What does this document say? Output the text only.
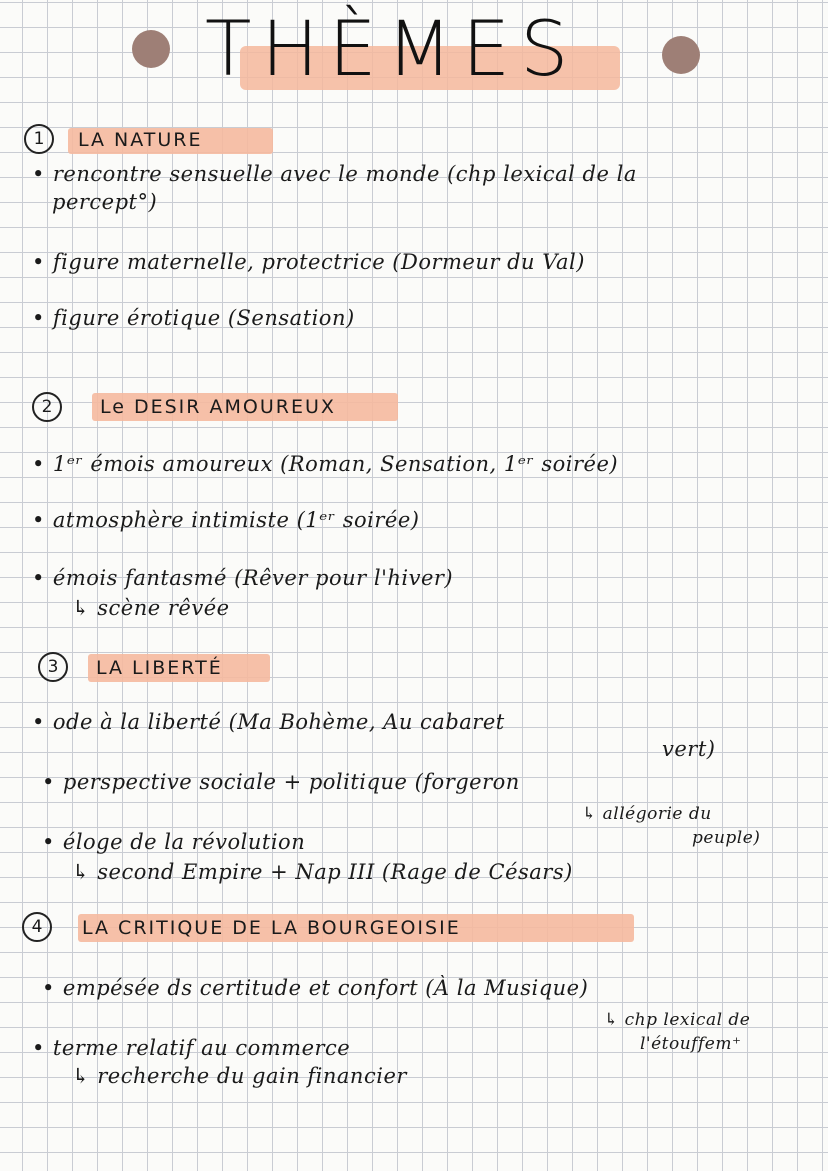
THÈMES
1	LA NATURE
• rencontre sensuelle avec le monde (chp lexical de la
percept°)
• figure maternelle, protectrice (Dormeur du Val)
• figure érotique (Sensation)
2	Le DESIR AMOUREUX
• 1ᵉʳ émois amoureux (Roman, Sensation, 1ᵉʳ soirée)
• atmosphère intimiste (1ᵉʳ soirée)
• émois fantasmé (Rêver pour l'hiver)
↳ scène rêvée
3	LA LIBERTÉ
• ode à la liberté (Ma Bohème, Au cabaret
vert)
• perspective sociale + politique (forgeron
↳ allégorie du
peuple)
• éloge de la révolution
↳ second Empire + Nap III (Rage de Césars)
4	LA CRITIQUE DE LA BOURGEOISIE
• empésée ds certitude et confort (À la Musique)
↳ chp lexical de
l'étouffem⁺
• terme relatif au commerce
↳ recherche du gain financier
